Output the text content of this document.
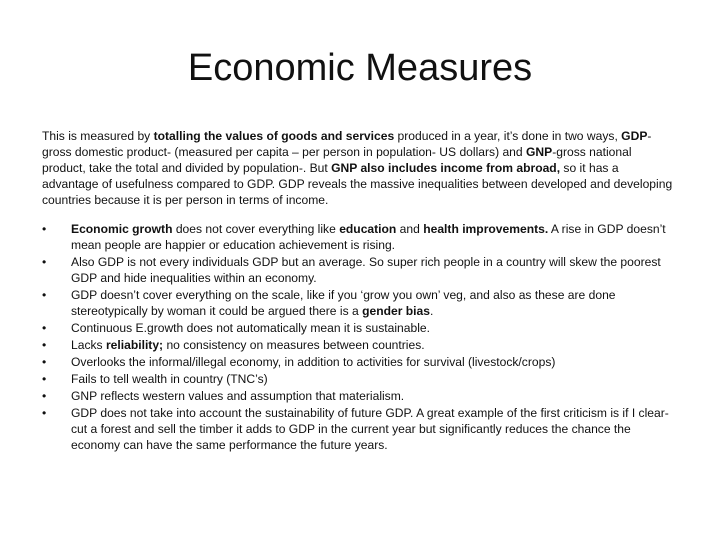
Economic Measures

This is measured by totalling the values of goods and services produced in a year, it’s done in two ways, GDP- gross domestic product- (measured per capita – per person in population- US dollars) and GNP-gross national product, take the total and divided by population-. But GNP also includes income from abroad, so it has a advantage of usefulness compared to GDP. GDP reveals the massive inequalities between developed and developing countries because it is per person in terms of income.

•	Economic growth does not cover everything like education and health improvements. A rise in GDP doesn’t mean people are happier or education achievement is rising.
•	Also GDP is not every individuals GDP but an average. So super rich people in a country will skew the poorest GDP and hide inequalities within an economy.
•	GDP doesn’t cover everything on the scale, like if you ‘grow you own’ veg, and also as these are done stereotypically by woman it could be argued there is a gender bias.
•	Continuous E.growth does not automatically mean it is sustainable.
•	Lacks reliability; no consistency on measures between countries.
•	Overlooks the informal/illegal economy, in addition to activities for survival (livestock/crops)
•	Fails to tell wealth in country (TNC’s)
•	GNP reflects western values and assumption that materialism.
•	GDP does not take into account the sustainability of future GDP. A great example of the first criticism is if I clear-cut a forest and sell the timber it adds to GDP in the current year but significantly reduces the chance the economy can have the same performance the future years.
